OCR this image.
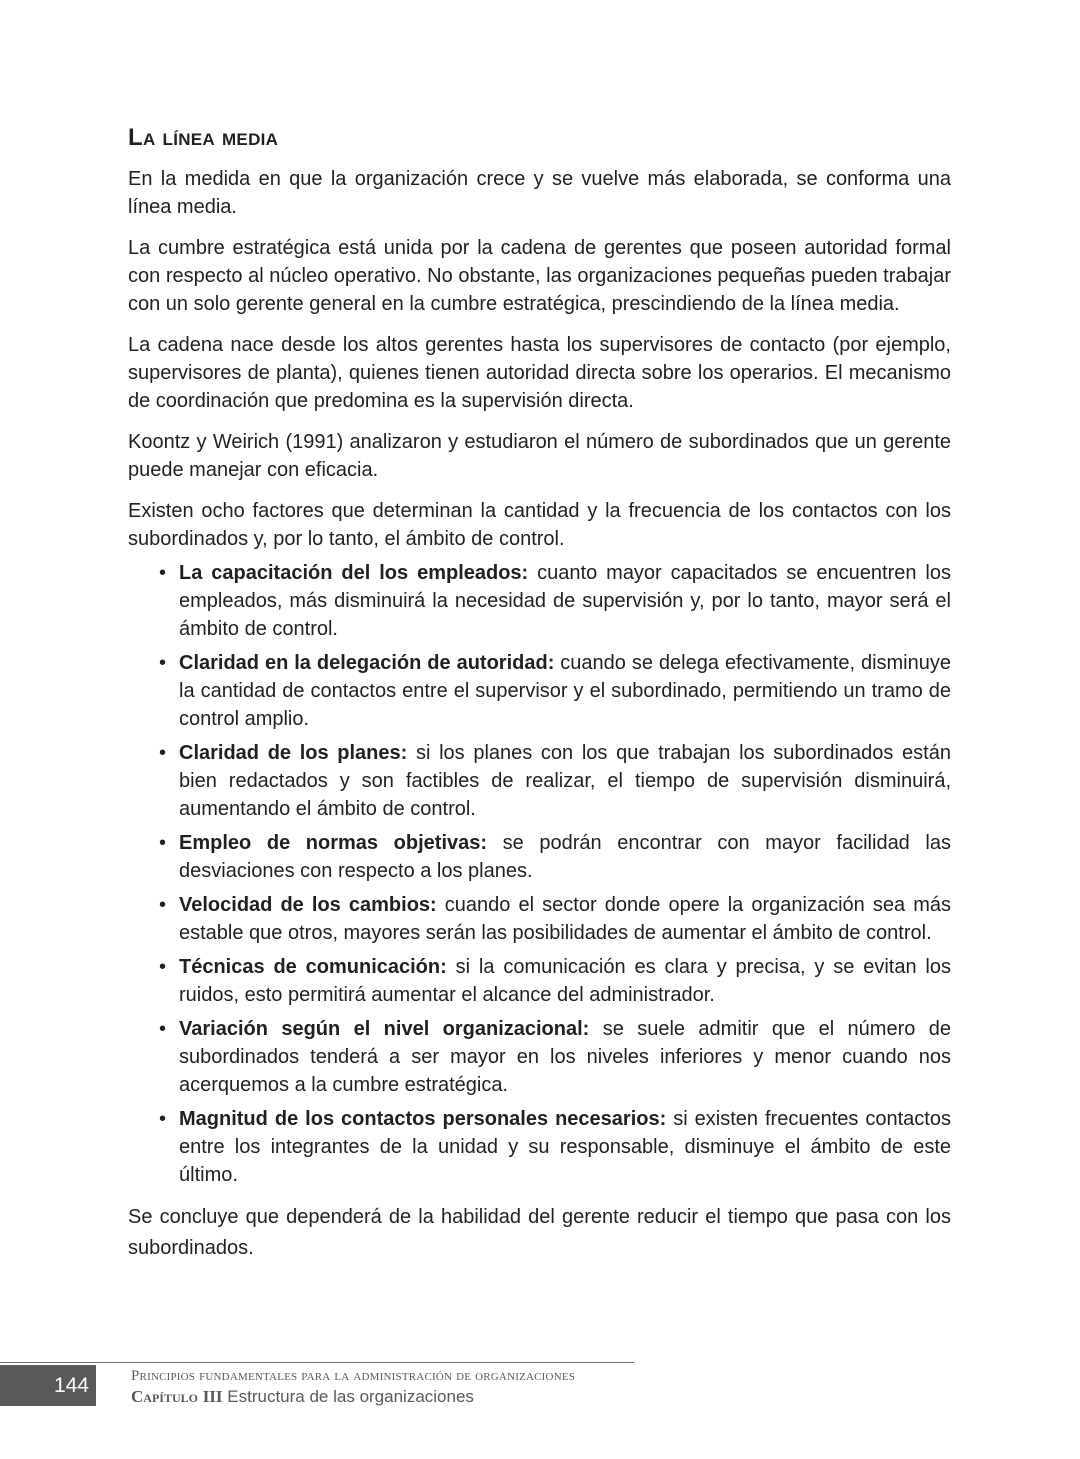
La línea media

En la medida en que la organización crece y se vuelve más elaborada, se conforma una línea media.

La cumbre estratégica está unida por la cadena de gerentes que poseen autoridad formal con respecto al núcleo operativo. No obstante, las organizaciones pequeñas pueden trabajar con un solo gerente general en la cumbre estratégica, prescindiendo de la línea media.

La cadena nace desde los altos gerentes hasta los supervisores de contacto (por ejemplo, supervisores de planta), quienes tienen autoridad directa sobre los operarios. El mecanismo de coordinación que predomina es la supervisión directa.

Koontz y Weirich (1991) analizaron y estudiaron el número de subordinados que un gerente puede manejar con eficacia.

Existen ocho factores que determinan la cantidad y la frecuencia de los contactos con los subordinados y, por lo tanto, el ámbito de control.

• La capacitación del los empleados: cuanto mayor capacitados se encuentren los empleados, más disminuirá la necesidad de supervisión y, por lo tanto, mayor será el ámbito de control.
• Claridad en la delegación de autoridad: cuando se delega efectivamente, disminuye la cantidad de contactos entre el supervisor y el subordinado, permitiendo un tramo de control amplio.
• Claridad de los planes: si los planes con los que trabajan los subordinados están bien redactados y son factibles de realizar, el tiempo de supervisión disminuirá, aumentando el ámbito de control.
• Empleo de normas objetivas: se podrán encontrar con mayor facilidad las desviaciones con respecto a los planes.
• Velocidad de los cambios: cuando el sector donde opere la organización sea más estable que otros, mayores serán las posibilidades de aumentar el ámbito de control.
• Técnicas de comunicación: si la comunicación es clara y precisa, y se evitan los ruidos, esto permitirá aumentar el alcance del administrador.
• Variación según el nivel organizacional: se suele admitir que el número de subordinados tenderá a ser mayor en los niveles inferiores y menor cuando nos acerquemos a la cumbre estratégica.
• Magnitud de los contactos personales necesarios: si existen frecuentes contactos entre los integrantes de la unidad y su responsable, disminuye el ámbito de este último.

Se concluye que dependerá de la habilidad del gerente reducir el tiempo que pasa con los subordinados.

144	Principios fundamentales para la administración de organizaciones
Capítulo III Estructura de las organizaciones
